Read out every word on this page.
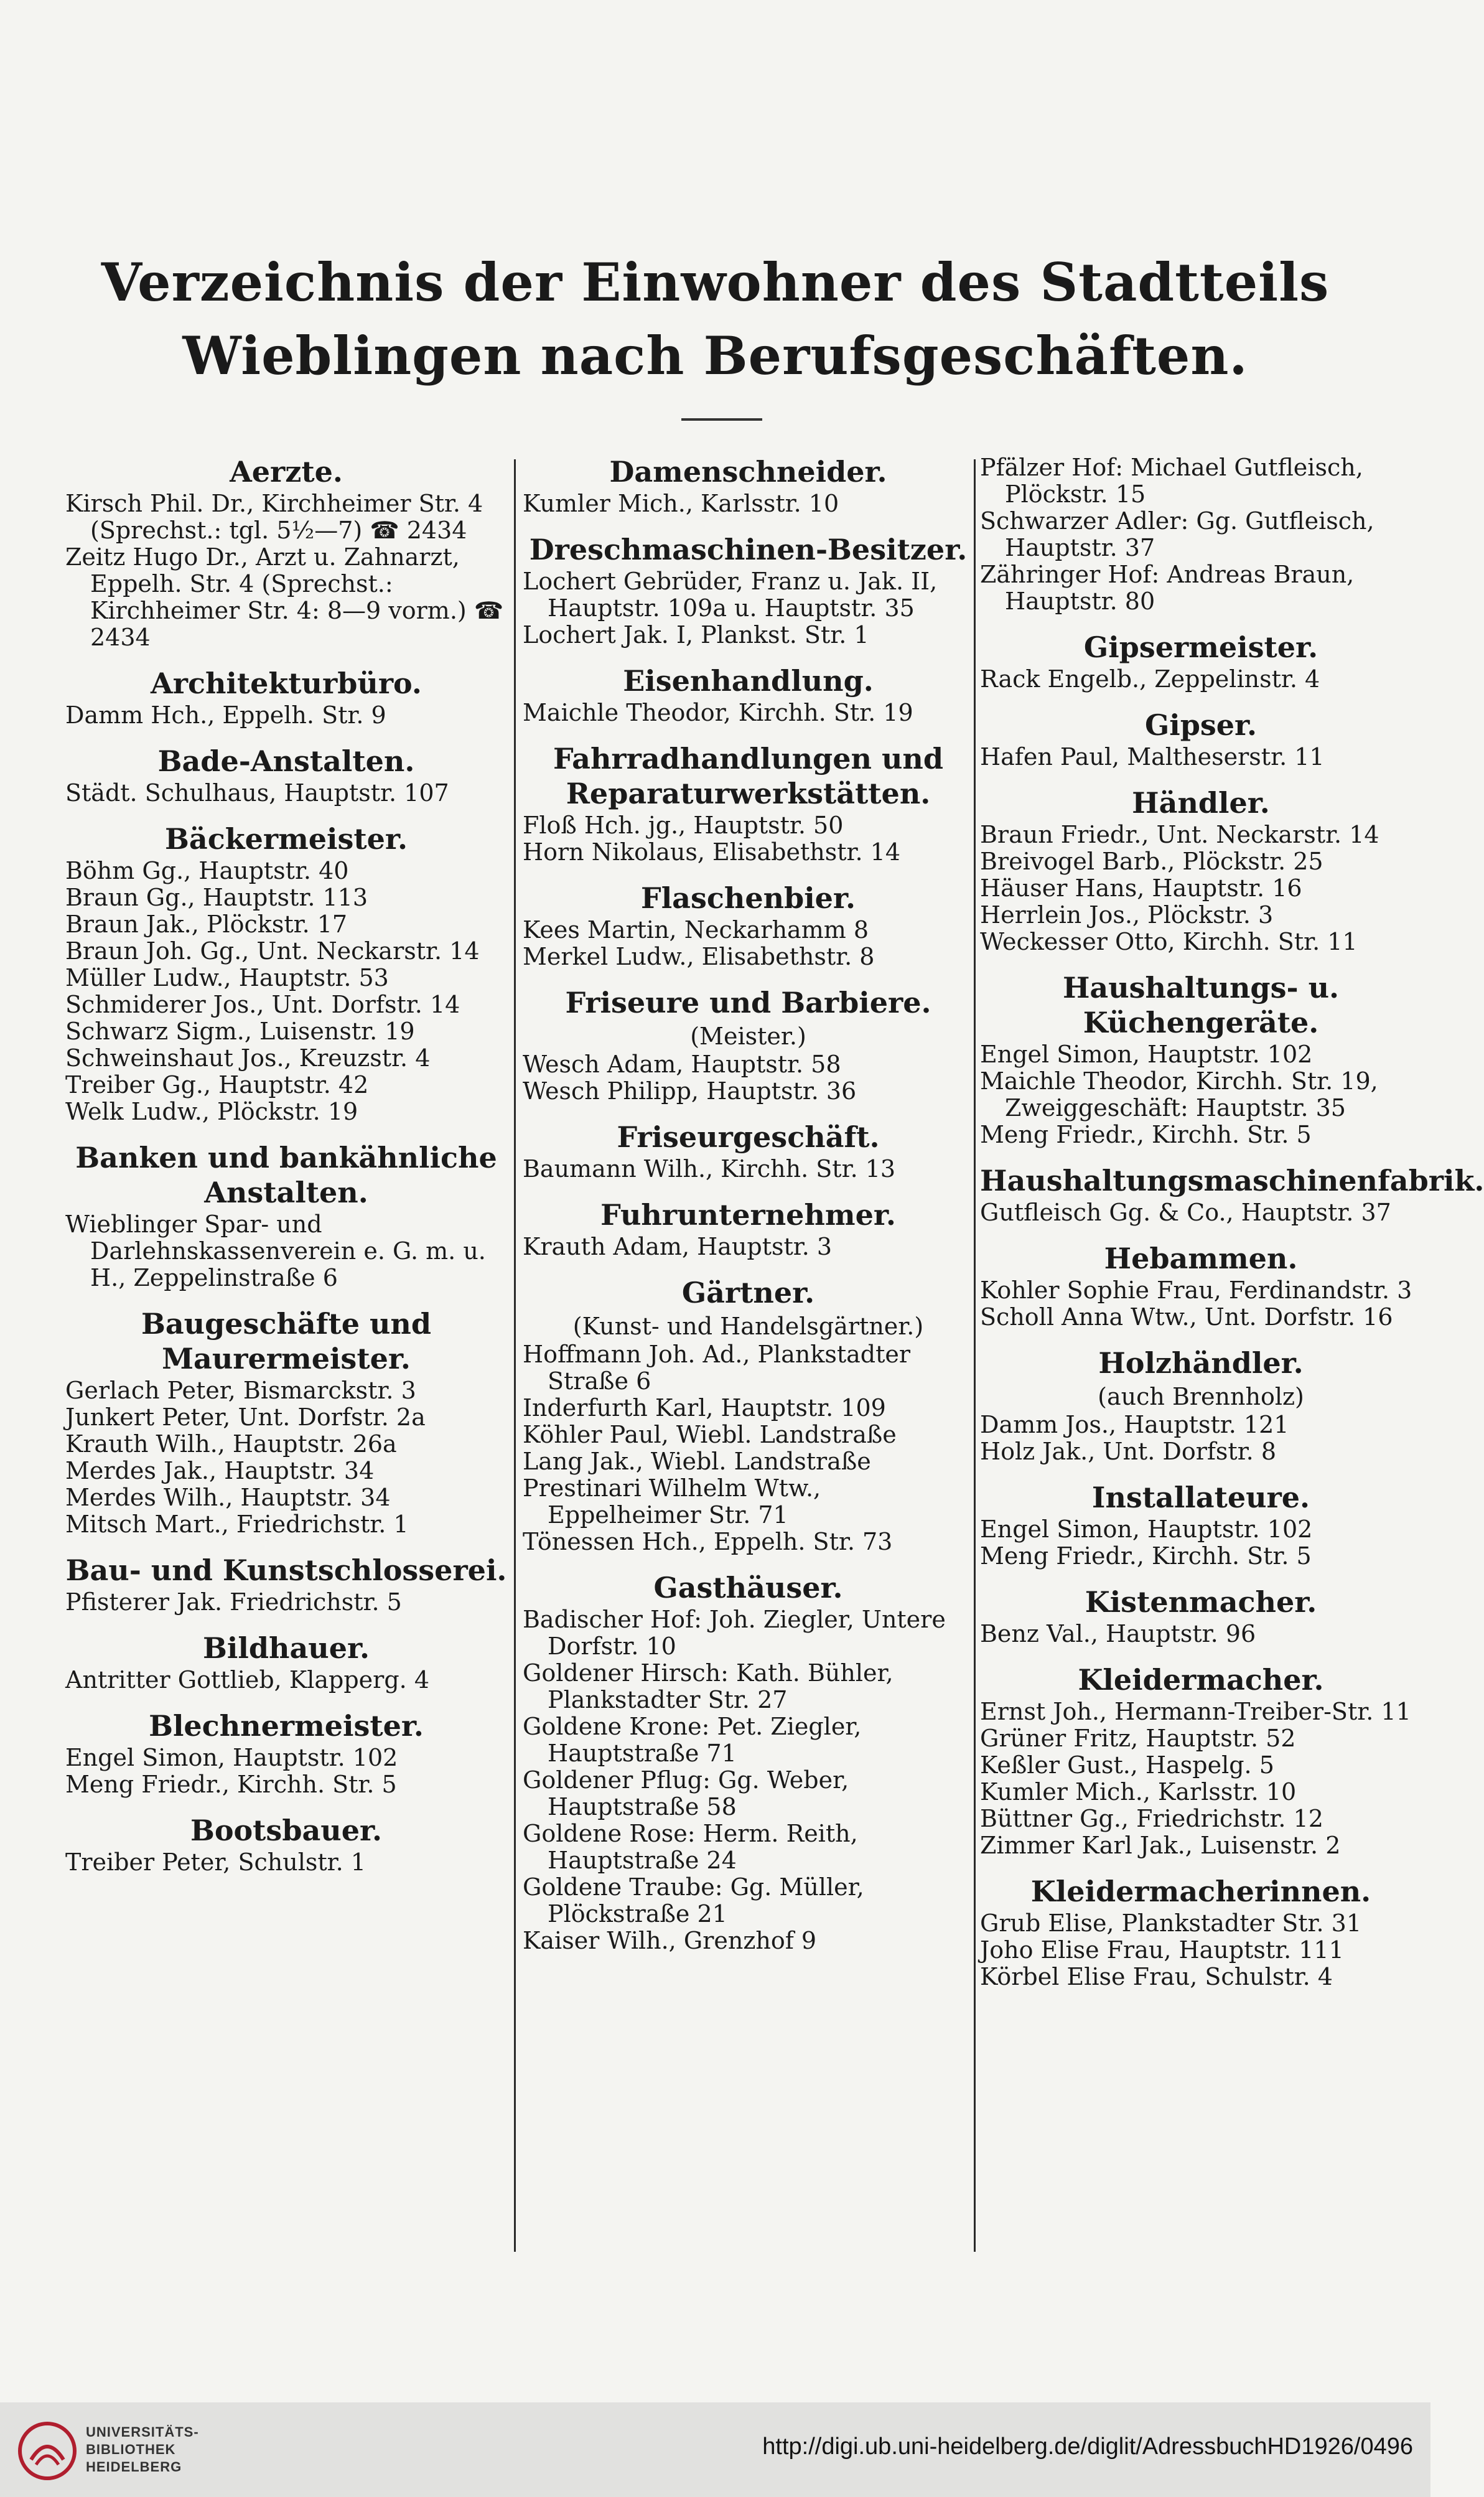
Verzeichnis der Einwohner des Stadtteils Wieblingen nach Berufsgeschäften.
Aerzte.
Kirsch Phil. Dr., Kirchheimer Str. 4 (Sprechst.: tgl. 5½—7) ☎ 2434
Zeitz Hugo Dr., Arzt u. Zahnarzt, Eppelh. Str. 4 (Sprechst.: Kirchheimer Str. 4: 8—9 vorm.) ☎ 2434
Architekturbüro.
Damm Hch., Eppelh. Str. 9
Bade-Anstalten.
Städt. Schulhaus, Hauptstr. 107
Bäckermeister.
Böhm Gg., Hauptstr. 40
Braun Gg., Hauptstr. 113
Braun Jak., Plöckstr. 17
Braun Joh. Gg., Unt. Neckarstr. 14
Müller Ludw., Hauptstr. 53
Schmiderer Jos., Unt. Dorfstr. 14
Schwarz Sigm., Luisenstr. 19
Schweinshaut Jos., Kreuzstr. 4
Treiber Gg., Hauptstr. 42
Welk Ludw., Plöckstr. 19
Banken und bankähnliche Anstalten.
Wieblinger Spar- und Darlehnskassenverein e. G. m. u. H., Zeppelinstraße 6
Baugeschäfte und Maurermeister.
Gerlach Peter, Bismarckstr. 3
Junkert Peter, Unt. Dorfstr. 2a
Krauth Wilh., Hauptstr. 26a
Merdes Jak., Hauptstr. 34
Merdes Wilh., Hauptstr. 34
Mitsch Mart., Friedrichstr. 1
Bau- und Kunstschlosserei.
Pfisterer Jak. Friedrichstr. 5
Bildhauer.
Antritter Gottlieb, Klapperg. 4
Blechnermeister.
Engel Simon, Hauptstr. 102
Meng Friedr., Kirchh. Str. 5
Bootsbauer.
Treiber Peter, Schulstr. 1
Damenschneider.
Kumler Mich., Karlsstr. 10
Dreschmaschinen-Besitzer.
Lochert Gebrüder, Franz u. Jak. II, Hauptstr. 109a u. Hauptstr. 35
Lochert Jak. I, Plankst. Str. 1
Eisenhandlung.
Maichle Theodor, Kirchh. Str. 19
Fahrradhandlungen und Reparaturwerkstätten.
Floß Hch. jg., Hauptstr. 50
Horn Nikolaus, Elisabethstr. 14
Flaschenbier.
Kees Martin, Neckarhamm 8
Merkel Ludw., Elisabethstr. 8
Friseure und Barbiere.
(Meister.)
Wesch Adam, Hauptstr. 58
Wesch Philipp, Hauptstr. 36
Friseurgeschäft.
Baumann Wilh., Kirchh. Str. 13
Fuhrunternehmer.
Krauth Adam, Hauptstr. 3
Gärtner.
(Kunst- und Handelsgärtner.)
Hoffmann Joh. Ad., Plankstadter Straße 6
Inderfurth Karl, Hauptstr. 109
Köhler Paul, Wiebl. Landstraße
Lang Jak., Wiebl. Landstraße
Prestinari Wilhelm Wtw., Eppelheimer Str. 71
Tönessen Hch., Eppelh. Str. 73
Gasthäuser.
Badischer Hof: Joh. Ziegler, Untere Dorfstr. 10
Goldener Hirsch: Kath. Bühler, Plankstadter Str. 27
Goldene Krone: Pet. Ziegler, Hauptstraße 71
Goldener Pflug: Gg. Weber, Hauptstraße 58
Goldene Rose: Herm. Reith, Hauptstraße 24
Goldene Traube: Gg. Müller, Plöckstraße 21
Kaiser Wilh., Grenzhof 9
Pfälzer Hof: Michael Gutfleisch, Plöckstr. 15
Schwarzer Adler: Gg. Gutfleisch, Hauptstr. 37
Zähringer Hof: Andreas Braun, Hauptstr. 80
Gipsermeister.
Rack Engelb., Zeppelinstr. 4
Gipser.
Hafen Paul, Maltheserstr. 11
Händler.
Braun Friedr., Unt. Neckarstr. 14
Breivogel Barb., Plöckstr. 25
Häuser Hans, Hauptstr. 16
Herrlein Jos., Plöckstr. 3
Weckesser Otto, Kirchh. Str. 11
Haushaltungs- u. Küchengeräte.
Engel Simon, Hauptstr. 102
Maichle Theodor, Kirchh. Str. 19, Zweiggeschäft: Hauptstr. 35
Meng Friedr., Kirchh. Str. 5
Haushaltungsmaschinenfabrik.
Gutfleisch Gg. & Co., Hauptstr. 37
Hebammen.
Kohler Sophie Frau, Ferdinandstr. 3
Scholl Anna Wtw., Unt. Dorfstr. 16
Holzhändler.
(auch Brennholz)
Damm Jos., Hauptstr. 121
Holz Jak., Unt. Dorfstr. 8
Installateure.
Engel Simon, Hauptstr. 102
Meng Friedr., Kirchh. Str. 5
Kistenmacher.
Benz Val., Hauptstr. 96
Kleidermacher.
Ernst Joh., Hermann-Treiber-Str. 11
Grüner Fritz, Hauptstr. 52
Keßler Gust., Haspelg. 5
Kumler Mich., Karlsstr. 10
Büttner Gg., Friedrichstr. 12
Zimmer Karl Jak., Luisenstr. 2
Kleidermacherinnen.
Grub Elise, Plankstadter Str. 31
Joho Elise Frau, Hauptstr. 111
Körbel Elise Frau, Schulstr. 4
UNIVERSITÄTS-
BIBLIOTHEK
HEIDELBERG
http://digi.ub.uni-heidelberg.de/diglit/AdressbuchHD1926/0496
